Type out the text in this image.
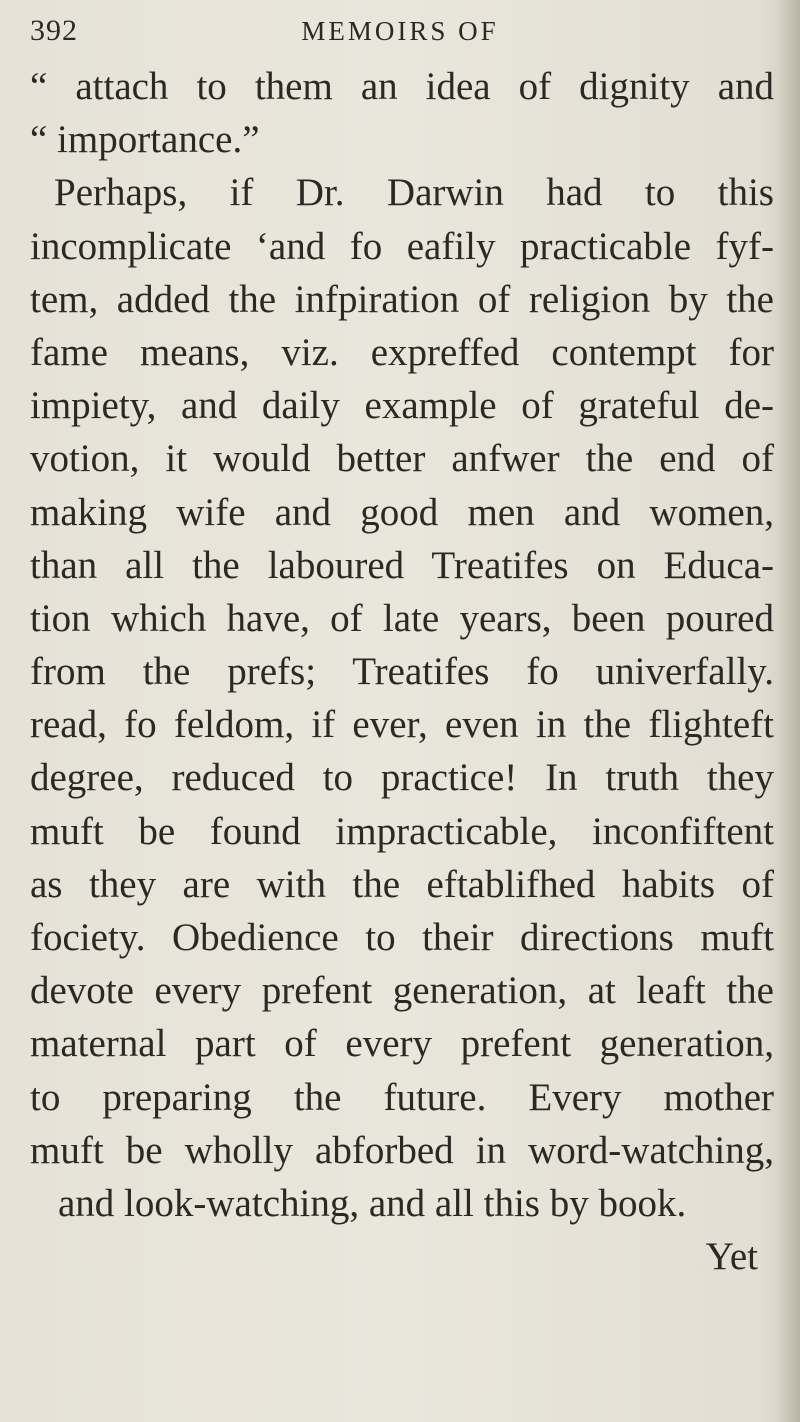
392	MEMOIRS OF
“ attach to them an idea of dignity and
“ importance.”
Perhaps, if Dr. Darwin had to this
incomplicate ‘and fo eafily practicable fyf-
tem, added the infpiration of religion by the
fame means, viz. expreffed contempt for
impiety, and daily example of grateful de-
votion, it would better anfwer the end of
making wife and good men and women,
than all the laboured Treatifes on Educa-
tion which have, of late years, been poured
from the prefs; Treatifes fo univerfally.
read, fo feldom, if ever, even in the flighteft
degree, reduced to practice! In truth they
muft be found impracticable, inconfiftent
as they are with the eftablifhed habits of
fociety. Obedience to their directions muft
devote every prefent generation, at leaft the
maternal part of every prefent generation,
to preparing the future. Every mother
muft be wholly abforbed in word-watching,
and look-watching, and all this by book.
Yet
